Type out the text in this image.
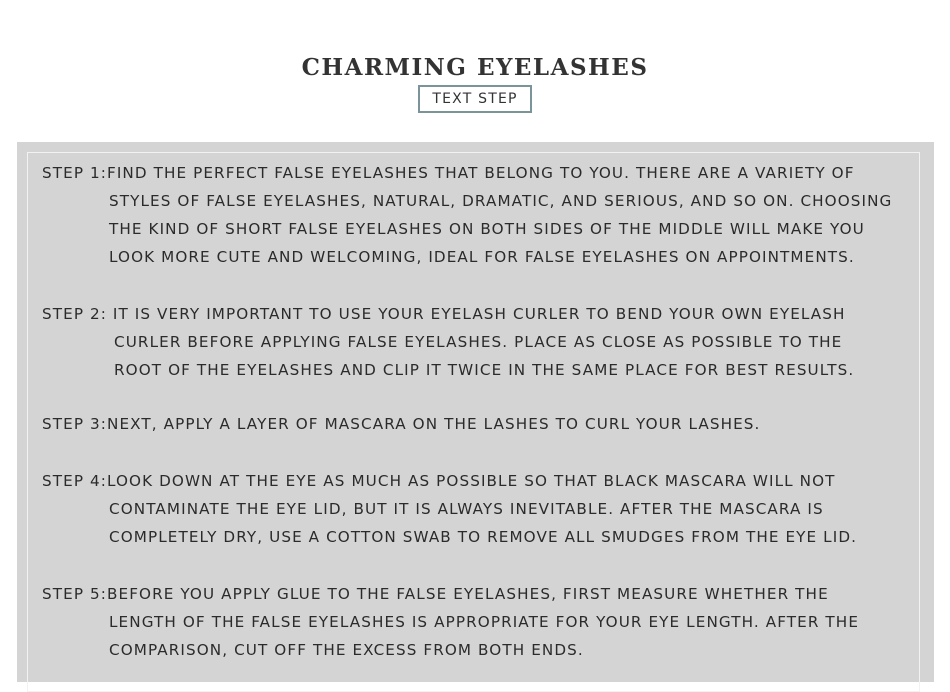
CHARMING EYELASHES
TEXT STEP
STEP 1:FIND THE PERFECT FALSE EYELASHES THAT BELONG TO YOU. THERE ARE A VARIETY OF
STYLES OF FALSE EYELASHES, NATURAL, DRAMATIC, AND SERIOUS, AND SO ON. CHOOSING
THE KIND OF SHORT FALSE EYELASHES ON BOTH SIDES OF THE MIDDLE WILL MAKE YOU
LOOK MORE CUTE AND WELCOMING, IDEAL FOR FALSE EYELASHES ON APPOINTMENTS.
STEP 2: IT IS VERY IMPORTANT TO USE YOUR EYELASH CURLER TO BEND YOUR OWN EYELASH
CURLER BEFORE APPLYING FALSE EYELASHES. PLACE AS CLOSE AS POSSIBLE TO THE
ROOT OF THE EYELASHES AND CLIP IT TWICE IN THE SAME PLACE FOR BEST RESULTS.
STEP 3:NEXT, APPLY A LAYER OF MASCARA ON THE LASHES TO CURL YOUR LASHES.
STEP 4:LOOK DOWN AT THE EYE AS MUCH AS POSSIBLE SO THAT BLACK MASCARA WILL NOT
CONTAMINATE THE EYE LID, BUT IT IS ALWAYS INEVITABLE. AFTER THE MASCARA IS
COMPLETELY DRY, USE A COTTON SWAB TO REMOVE ALL SMUDGES FROM THE EYE LID.
STEP 5:BEFORE YOU APPLY GLUE TO THE FALSE EYELASHES, FIRST MEASURE WHETHER THE
LENGTH OF THE FALSE EYELASHES IS APPROPRIATE FOR YOUR EYE LENGTH. AFTER THE
COMPARISON, CUT OFF THE EXCESS FROM BOTH ENDS.
